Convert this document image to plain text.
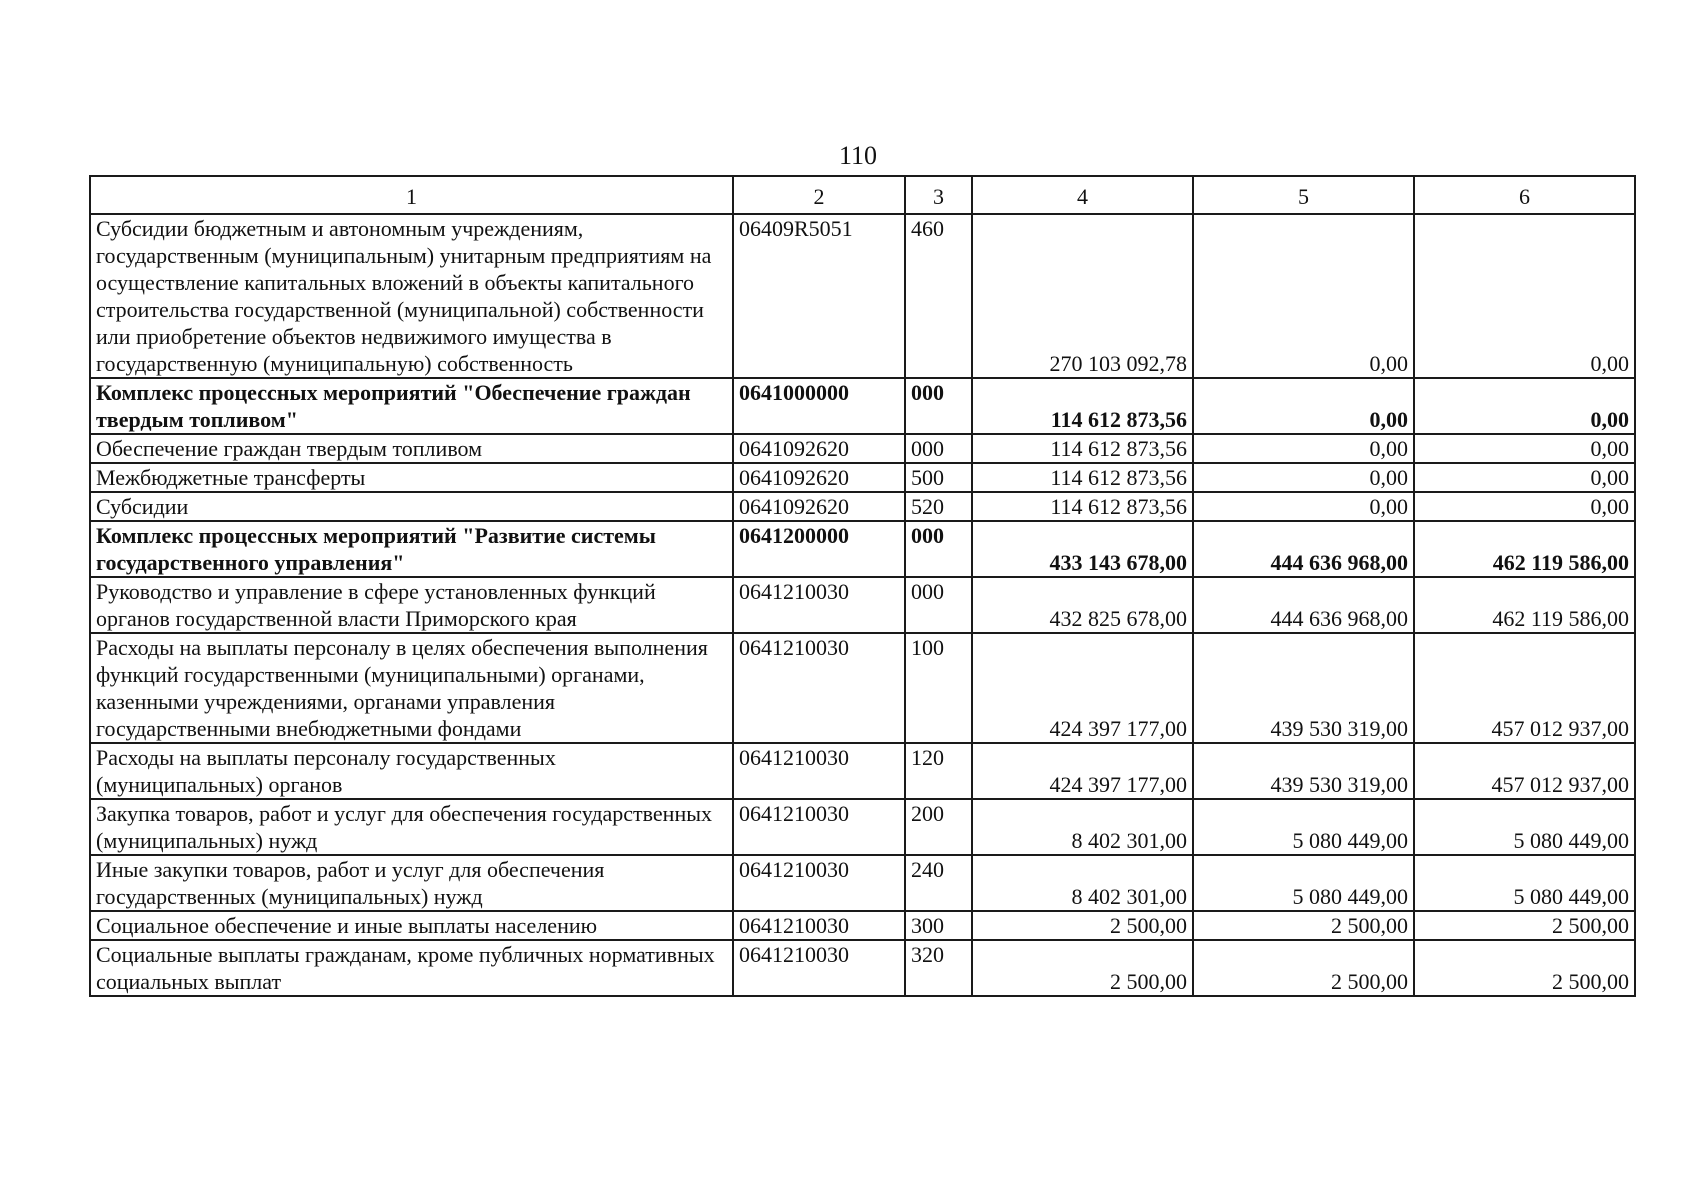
110
1	2	3	4	5	6
Субсидии бюджетным и автономным учреждениям, государственным (муниципальным) унитарным предприятиям на осуществление капитальных вложений в объекты капитального строительства государственной (муниципальной) собственности или приобретение объектов недвижимого имущества в государственную (муниципальную) собственность	06409R5051	460	270 103 092,78	0,00	0,00
Комплекс процессных мероприятий "Обеспечение граждан твердым топливом"	0641000000	000	114 612 873,56	0,00	0,00
Обеспечение граждан твердым топливом	0641092620	000	114 612 873,56	0,00	0,00
Межбюджетные трансферты	0641092620	500	114 612 873,56	0,00	0,00
Субсидии	0641092620	520	114 612 873,56	0,00	0,00
Комплекс процессных мероприятий "Развитие системы государственного управления"	0641200000	000	433 143 678,00	444 636 968,00	462 119 586,00
Руководство и управление в сфере установленных функций органов государственной власти Приморского края	0641210030	000	432 825 678,00	444 636 968,00	462 119 586,00
Расходы на выплаты персоналу в целях обеспечения выполнения функций государственными (муниципальными) органами, казенными учреждениями, органами управления государственными внебюджетными фондами	0641210030	100	424 397 177,00	439 530 319,00	457 012 937,00
Расходы на выплаты персоналу государственных (муниципальных) органов	0641210030	120	424 397 177,00	439 530 319,00	457 012 937,00
Закупка товаров, работ и услуг для обеспечения государственных (муниципальных) нужд	0641210030	200	8 402 301,00	5 080 449,00	5 080 449,00
Иные закупки товаров, работ и услуг для обеспечения государственных (муниципальных) нужд	0641210030	240	8 402 301,00	5 080 449,00	5 080 449,00
Социальное обеспечение и иные выплаты населению	0641210030	300	2 500,00	2 500,00	2 500,00
Социальные выплаты гражданам, кроме публичных нормативных социальных выплат	0641210030	320	2 500,00	2 500,00	2 500,00
